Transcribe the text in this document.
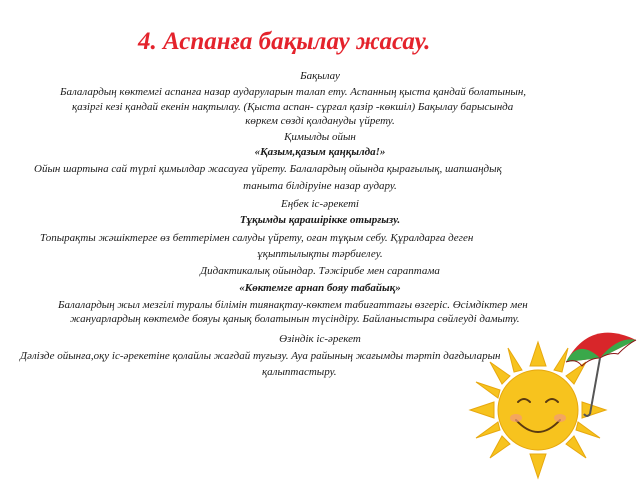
4. Аспанға бақылау жасау.
Бақылау
Балалардың көктемгі аспанға назар аударуларын талап ету. Аспанның қыста қандай болатынын,
қазіргі кезі қандай екенін нақтылау. (Қыста аспан- сұрғал қазір -көкшіл) Бақылау барысында
көркем сөзді қолдануды үйрету.
Қимылды ойын
«Қазым,қазым қаңқылда!»
Ойын шартына сай түрлі қимылдар жасауға үйрету. Балалардың ойында қырағылық, шапшаңдық
танытa білдіруіне назар аудару.
Еңбек іс-әрекеті
Тұқымды қарашірікке отырғызу.
Топырақты жәшіктерге өз беттерімен салуды үйрету, оған тұқым себу. Құралдарға деген
ұқыптылықты тәрбиелеу.
Дидактикалық ойындар. Тәжірибе мен сараптама
«Көктемге арнап бояу табайық»
Балалардың жыл мезгілі туралы білімін тиянақтау-көктем табиғаттағы өзгеріс. Өсімдіктер мен
жануарлардың көктемде бояуы қанық болатынын түсіндіру. Байланыстырa сөйлеуді дамыту.
Өзіндік іс-әрекет
Дәлізде ойынға,оқу іс-әрекетіне қолайлы жағдай туғызу. Ауа райының жағымды тәртіп дағдыларын
қалыптастыру.
